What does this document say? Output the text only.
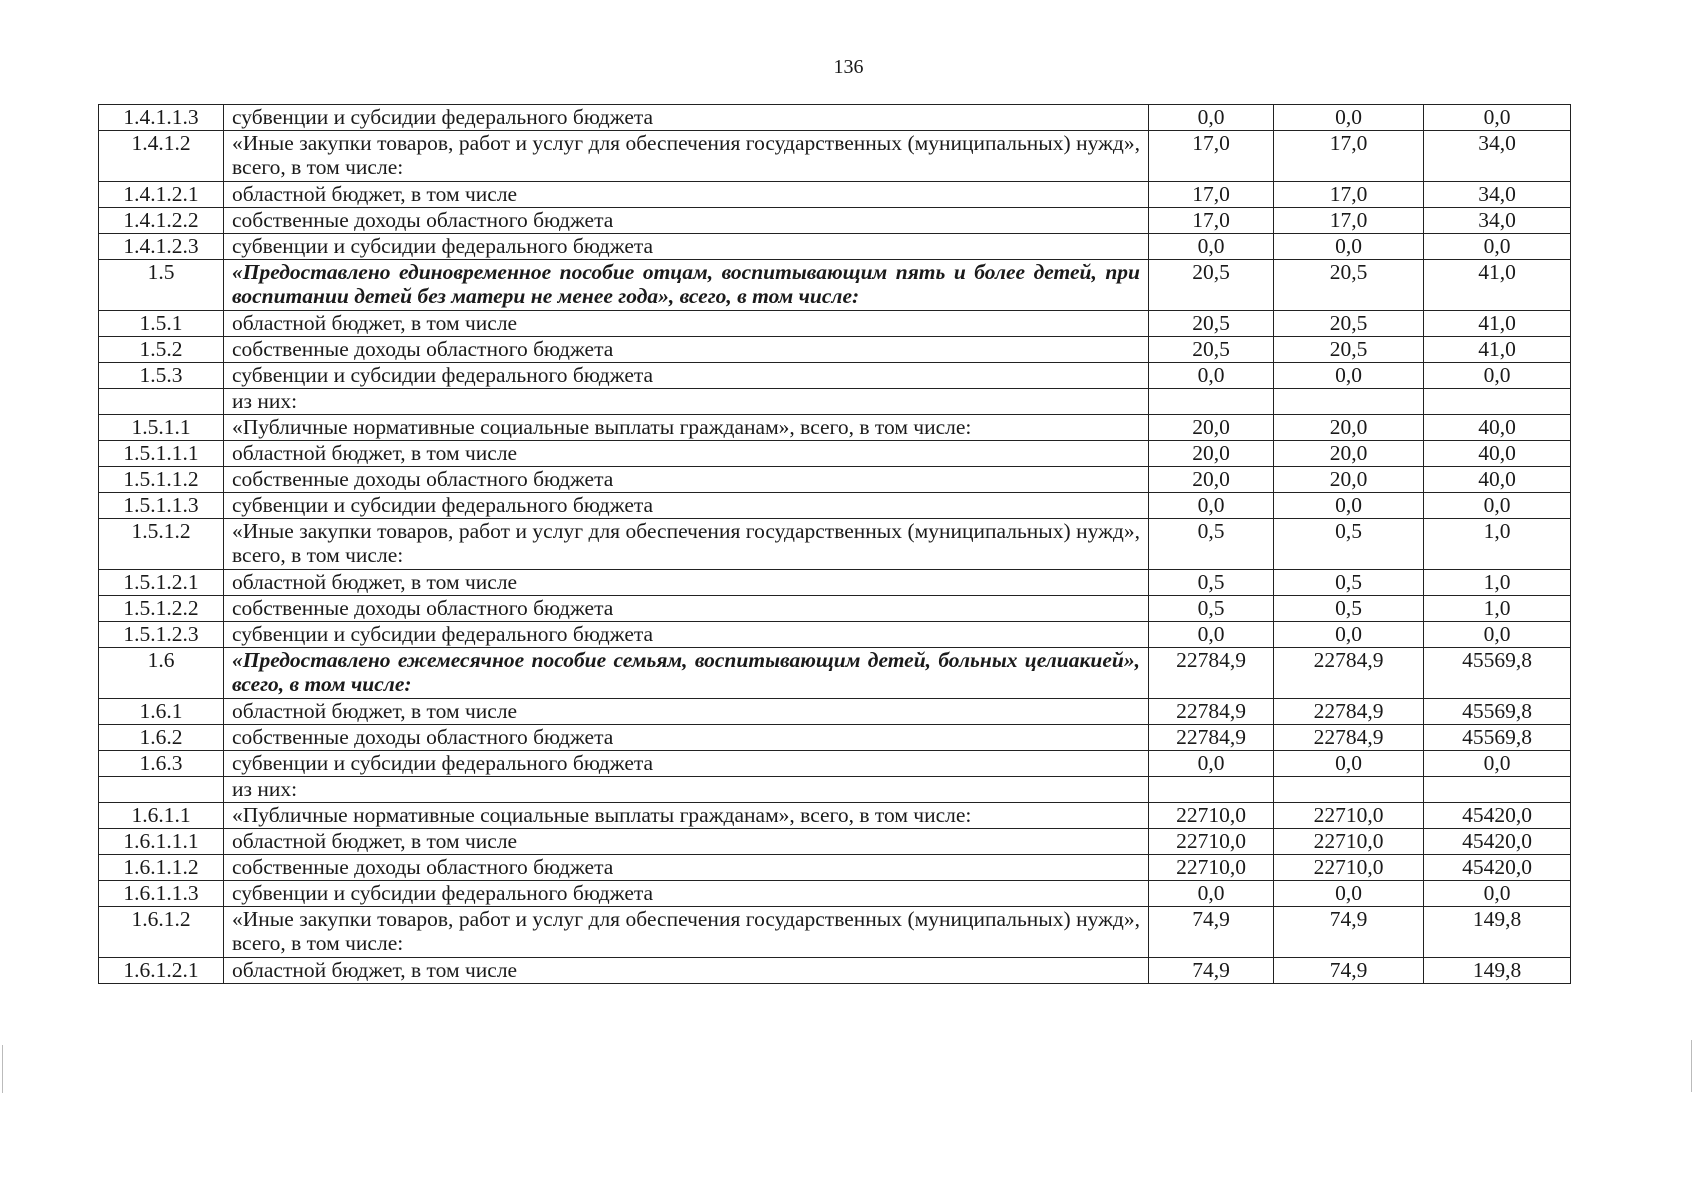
136
1.4.1.1.3	субвенции и субсидии федерального бюджета	0,0	0,0	0,0
1.4.1.2	«Иные закупки товаров, работ и услуг для обеспечения государственных (муниципальных) нужд», всего, в том числе:	17,0	17,0	34,0
1.4.1.2.1	областной бюджет, в том числе	17,0	17,0	34,0
1.4.1.2.2	собственные доходы областного бюджета	17,0	17,0	34,0
1.4.1.2.3	субвенции и субсидии федерального бюджета	0,0	0,0	0,0
1.5	«Предоставлено единовременное пособие отцам, воспитывающим пять и более детей, при воспитании детей без матери не менее года», всего, в том числе:	20,5	20,5	41,0
1.5.1	областной бюджет, в том числе	20,5	20,5	41,0
1.5.2	собственные доходы областного бюджета	20,5	20,5	41,0
1.5.3	субвенции и субсидии федерального бюджета	0,0	0,0	0,0
	из них:			
1.5.1.1	«Публичные нормативные социальные выплаты гражданам», всего, в том числе:	20,0	20,0	40,0
1.5.1.1.1	областной бюджет, в том числе	20,0	20,0	40,0
1.5.1.1.2	собственные доходы областного бюджета	20,0	20,0	40,0
1.5.1.1.3	субвенции и субсидии федерального бюджета	0,0	0,0	0,0
1.5.1.2	«Иные закупки товаров, работ и услуг для обеспечения государственных (муниципальных) нужд», всего, в том числе:	0,5	0,5	1,0
1.5.1.2.1	областной бюджет, в том числе	0,5	0,5	1,0
1.5.1.2.2	собственные доходы областного бюджета	0,5	0,5	1,0
1.5.1.2.3	субвенции и субсидии федерального бюджета	0,0	0,0	0,0
1.6	«Предоставлено ежемесячное пособие семьям, воспитывающим детей, больных целиакией», всего, в том числе:	22784,9	22784,9	45569,8
1.6.1	областной бюджет, в том числе	22784,9	22784,9	45569,8
1.6.2	собственные доходы областного бюджета	22784,9	22784,9	45569,8
1.6.3	субвенции и субсидии федерального бюджета	0,0	0,0	0,0
	из них:			
1.6.1.1	«Публичные нормативные социальные выплаты гражданам», всего, в том числе:	22710,0	22710,0	45420,0
1.6.1.1.1	областной бюджет, в том числе	22710,0	22710,0	45420,0
1.6.1.1.2	собственные доходы областного бюджета	22710,0	22710,0	45420,0
1.6.1.1.3	субвенции и субсидии федерального бюджета	0,0	0,0	0,0
1.6.1.2	«Иные закупки товаров, работ и услуг для обеспечения государственных (муниципальных) нужд», всего, в том числе:	74,9	74,9	149,8
1.6.1.2.1	областной бюджет, в том числе	74,9	74,9	149,8
